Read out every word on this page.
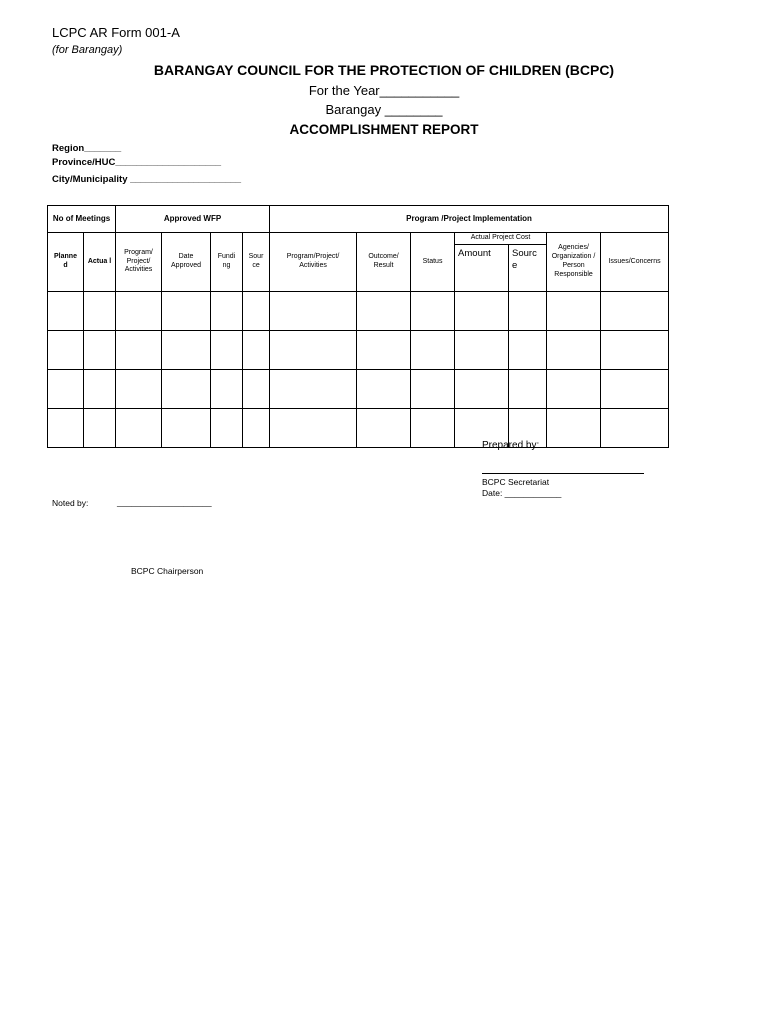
LCPC AR Form 001-A
(for Barangay)
BARANGAY COUNCIL FOR THE PROTECTION OF CHILDREN (BCPC)
For the Year___________
Barangay ________
ACCOMPLISHMENT REPORT
Region_______
Province/HUC____________________
City/Municipality _____________________
No of Meetings		Approved WFP				Program /Project Implementation						
Planne d	Actua l	Program/ Project/ Activities	Date Approved	Fundi ng	Sour ce	Program/Project/ Activities	Outcome/ Result	Status	Actual Project Cost		Agencies/ Organization / Person Responsible	Issues/Concerns
									Amount	Sourc e		

Prepared by:
BCPC Secretariat
Date: ____________
Noted by:	____________________
BCPC Chairperson
